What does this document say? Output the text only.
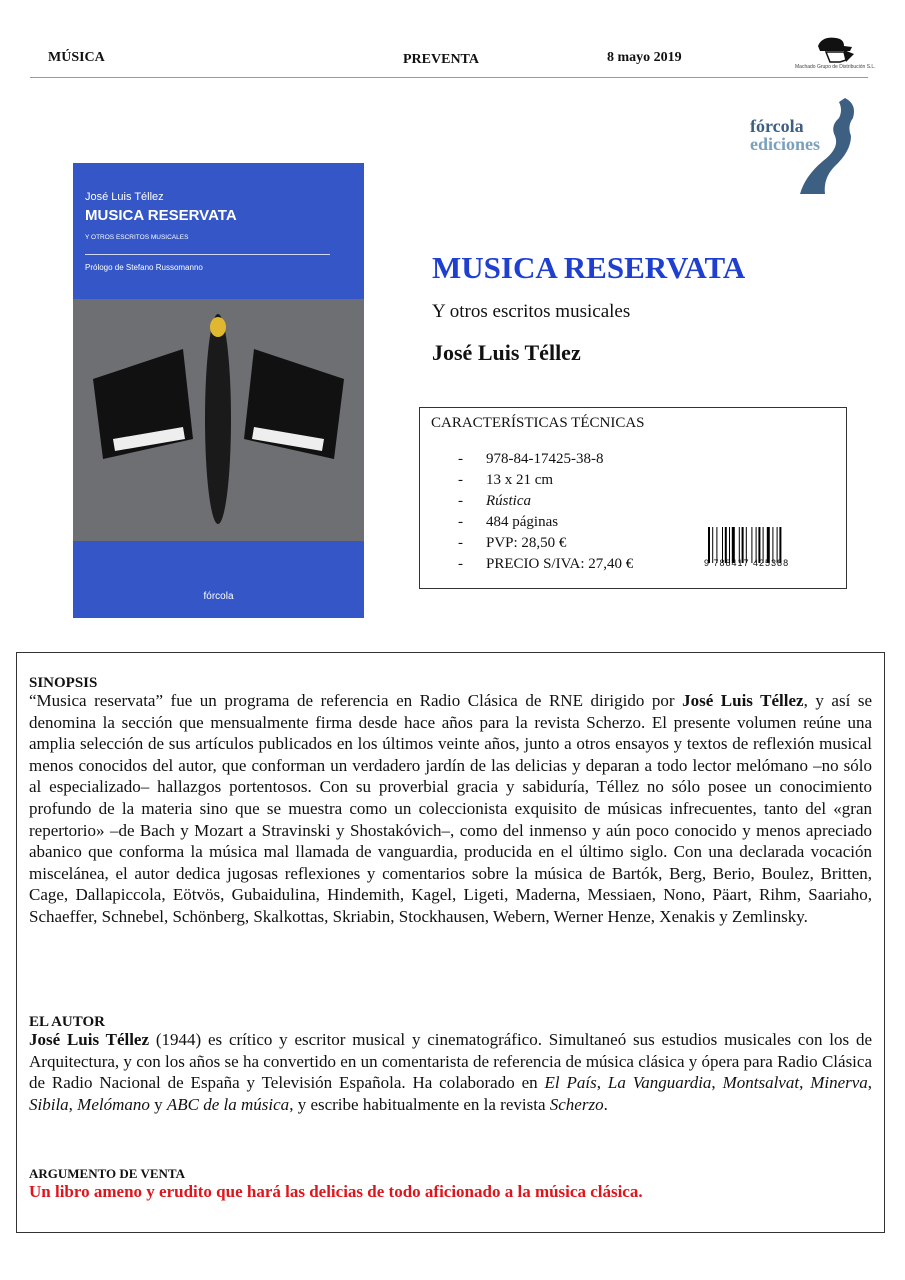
MÚSICA	PREVENTA	8 mayo 2019
Machado Grupo de Distribución S.L.
fórcola
ediciones
José Luis Téllez
MUSICA RESERVATA
Y OTROS ESCRITOS MUSICALES
Prólogo de Stefano Russomanno
fórcola
MUSICA RESERVATA
Y otros escritos musicales
José Luis Téllez
CARACTERÍSTICAS TÉCNICAS
- 978-84-17425-38-8
- 13 x 21 cm
- Rústica
- 484 páginas
- PVP: 28,50 €
- PRECIO S/IVA: 27,40 €	9 788417 425388
SINOPSIS
“Musica reservata” fue un programa de referencia en Radio Clásica de RNE dirigido por José Luis Téllez, y así se denomina la sección que mensualmente firma desde hace años para la revista Scherzo. El presente volumen reúne una amplia selección de sus artículos publicados en los últimos veinte años, junto a otros ensayos y textos de reflexión musical menos conocidos del autor, que conforman un verdadero jardín de las delicias y deparan a todo lector melómano –no sólo al especializado– hallazgos portentosos. Con su proverbial gracia y sabiduría, Téllez no sólo posee un conocimiento profundo de la materia sino que se muestra como un coleccionista exquisito de músicas infrecuentes, tanto del «gran repertorio» –de Bach y Mozart a Stravinski y Shostakóvich–, como del inmenso y aún poco conocido y menos apreciado abanico que conforma la música mal llamada de vanguardia, producida en el último siglo. Con una declarada vocación miscelánea, el autor dedica jugosas reflexiones y comentarios sobre la música de Bartók, Berg, Berio, Boulez, Britten, Cage, Dallapiccola, Eötvös, Gubaidulina, Hindemith, Kagel, Ligeti, Maderna, Messiaen, Nono, Päart, Rihm, Saariaho, Schaeffer, Schnebel, Schönberg, Skalkottas, Skriabin, Stockhausen, Webern, Werner Henze, Xenakis y Zemlinsky.
EL AUTOR
José Luis Téllez (1944) es crítico y escritor musical y cinematográfico. Simultaneó sus estudios musicales con los de Arquitectura, y con los años se ha convertido en un comentarista de referencia de música clásica y ópera para Radio Clásica de Radio Nacional de España y Televisión Española. Ha colaborado en El País, La Vanguardia, Montsalvat, Minerva, Sibila, Melómano y ABC de la música, y escribe habitualmente en la revista Scherzo.
ARGUMENTO DE VENTA
Un libro ameno y erudito que hará las delicias de todo aficionado a la música clásica.
